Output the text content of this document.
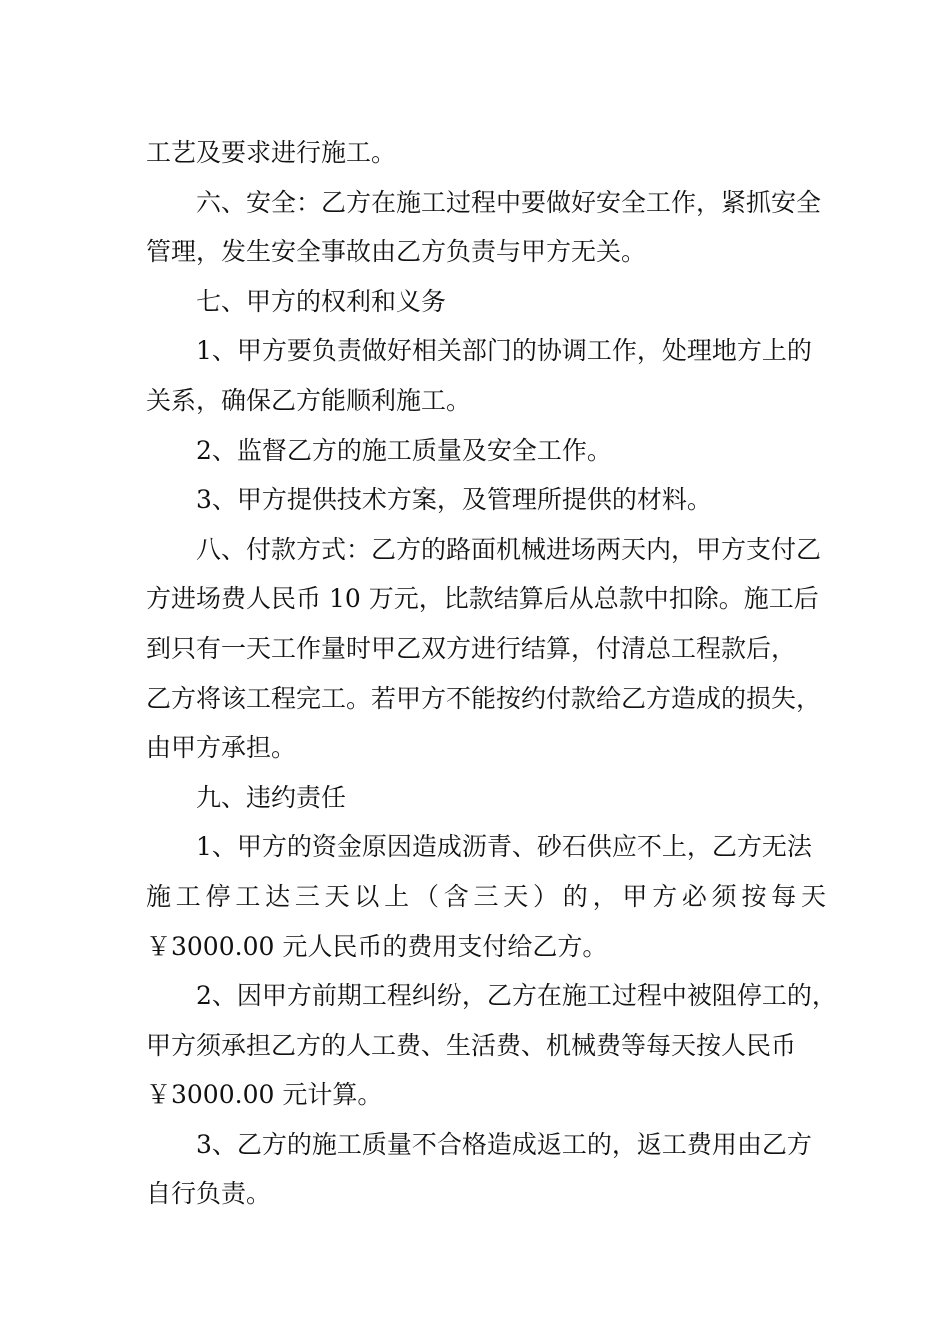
工艺及要求进行施工。
六、安全：乙方在施工过程中要做好安全工作，紧抓安全
管理，发生安全事故由乙方负责与甲方无关。
七、甲方的权利和义务
1、甲方要负责做好相关部门的协调工作，处理地方上的
关系，确保乙方能顺利施工。
2、监督乙方的施工质量及安全工作。
3、甲方提供技术方案，及管理所提供的材料。
八、付款方式：乙方的路面机械进场两天内，甲方支付乙
方进场费人民币 10 万元，比款结算后从总款中扣除。施工后
到只有一天工作量时甲乙双方进行结算，付清总工程款后，
乙方将该工程完工。若甲方不能按约付款给乙方造成的损失，
由甲方承担。
九、违约责任
1、甲方的资金原因造成沥青、砂石供应不上，乙方无法
施工停工达三天以上（含三天）的，甲方必须按每天
￥3000.00 元人民币的费用支付给乙方。
2、因甲方前期工程纠纷，乙方在施工过程中被阻停工的，
甲方须承担乙方的人工费、生活费、机械费等每天按人民币
￥3000.00 元计算。
3、乙方的施工质量不合格造成返工的，返工费用由乙方
自行负责。
